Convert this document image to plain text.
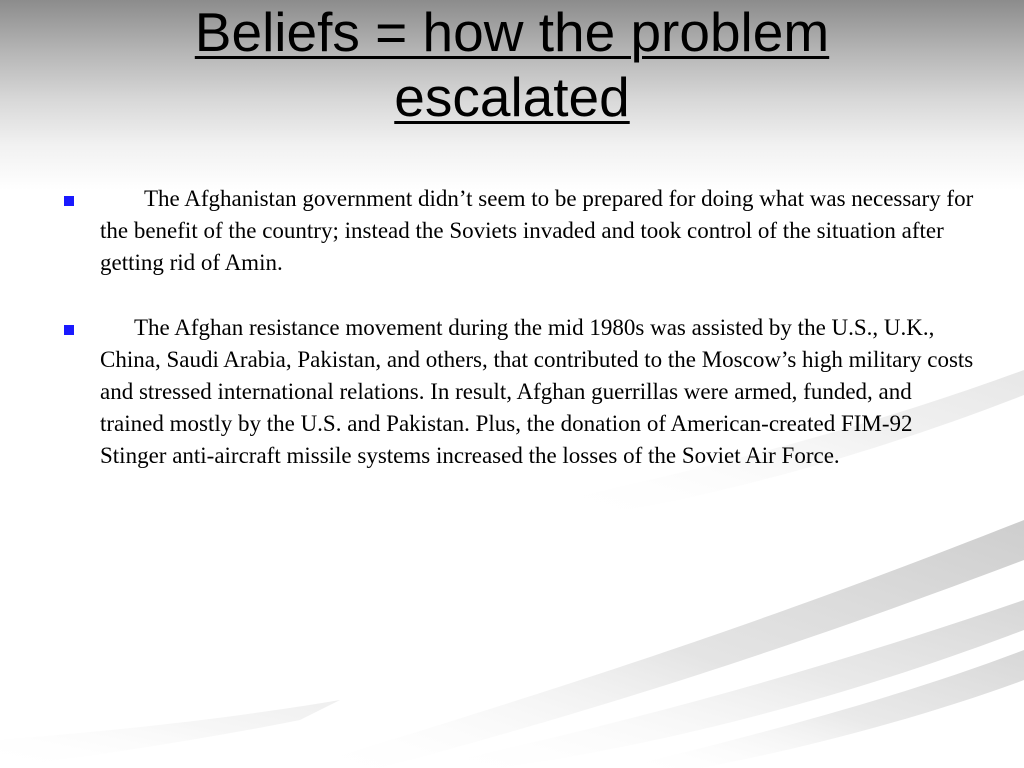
Beliefs = how the problem
escalated

The Afghanistan government didn’t seem to be prepared for doing what was necessary for the benefit of the country; instead the Soviets invaded and took control of the situation after getting rid of Amin.

The Afghan resistance movement during the mid 1980s was assisted by the U.S., U.K., China, Saudi Arabia, Pakistan, and others, that contributed to the Moscow’s high military costs and stressed international relations. In result, Afghan guerrillas were armed, funded, and trained mostly by the U.S. and Pakistan. Plus, the donation of American-created FIM-92 Stinger anti-aircraft missile systems increased the losses of the Soviet Air Force.
